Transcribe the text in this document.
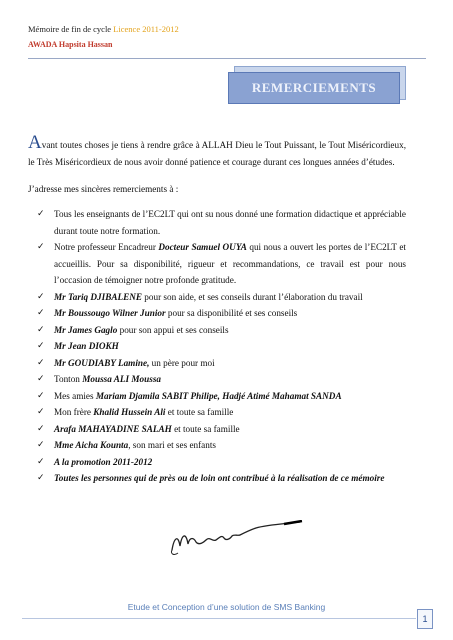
Mémoire de fin de cycle Licence 2011-2012
AWADA Hapsita Hassan
REMERCIEMENTS
Avant toutes choses je tiens à rendre grâce à ALLAH Dieu le Tout Puissant, le Tout Miséricordieux, le Très Miséricordieux de nous avoir donné patience et courage durant ces longues années d’études.
J’adresse mes sincères remerciements à :
✓ Tous les enseignants de l’EC2LT qui ont su nous donné une formation didactique et appréciable durant toute notre formation.
✓ Notre professeur Encadreur Docteur Samuel OUYA qui nous a ouvert les portes de l’EC2LT et accueillis. Pour sa disponibilité, rigueur et recommandations, ce travail est pour nous l’occasion de témoigner notre profonde gratitude.
✓ Mr Tariq DJIBALENE pour son aide, et ses conseils durant l’élaboration du travail
✓ Mr Boussougo Wilner Junior pour sa disponibilité et ses conseils
✓ Mr James Gaglo pour son appui et ses conseils
✓ Mr Jean DIOKH
✓ Mr GOUDIABY Lamine, un père pour moi
✓ Tonton Moussa ALI Moussa
✓ Mes amies Mariam Djamila SABIT Philipe, Hadjé Atimé Mahamat SANDA
✓ Mon frère Khalid Hussein Ali et toute sa famille
✓ Arafa MAHAYADINE SALAH et toute sa famille
✓ Mme Aicha Kounta, son mari et ses enfants
✓ A la promotion 2011-2012
✓ Toutes les personnes qui de près ou de loin ont contribué à la réalisation de ce mémoire
Etude et Conception d’une solution de SMS Banking
1
